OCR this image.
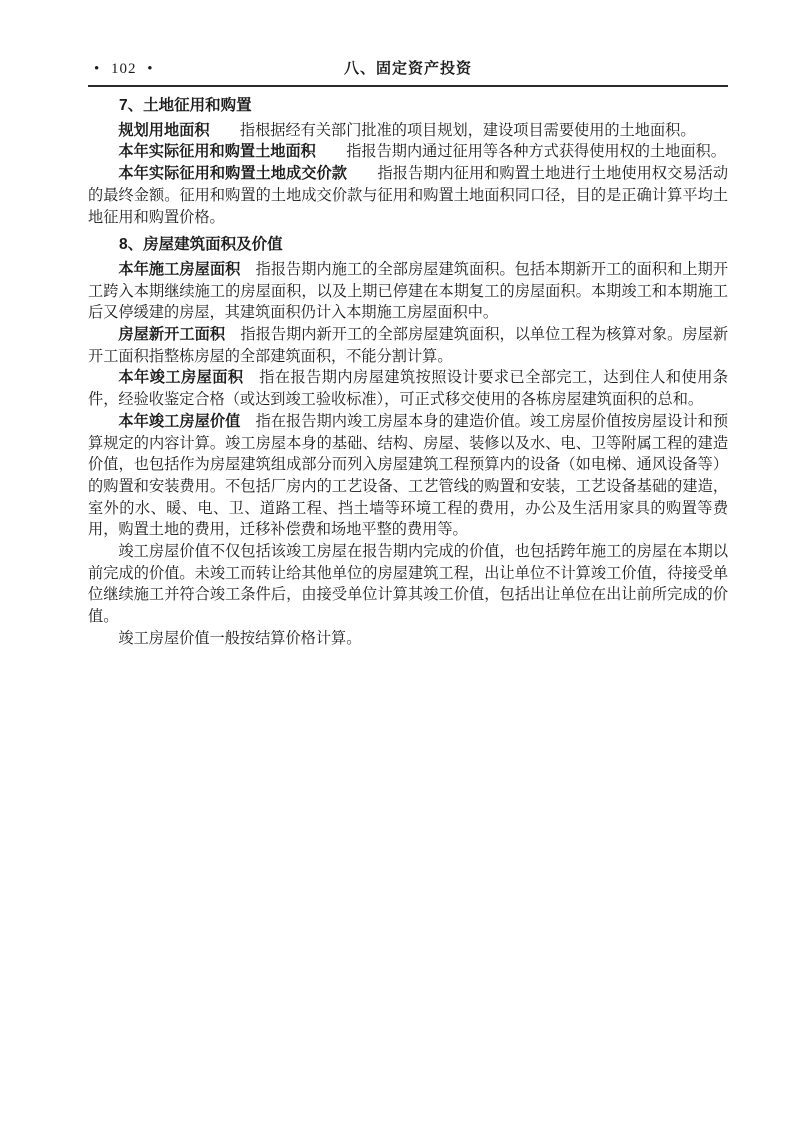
• 102 •	八、固定资产投资
7、土地征用和购置

规划用地面积　　 指根据经有关部门批准的项目规划，建设项目需要使用的土地面积。

本年实际征用和购置土地面积　　 指报告期内通过征用等各种方式获得使用权的土地面积。

本年实际征用和购置土地成交价款　　 指报告期内征用和购置土地进行土地使用权交易活动的最终金额。征用和购置的土地成交价款与征用和购置土地面积同口径，目的是正确计算平均土地征用和购置价格。

8、房屋建筑面积及价值

本年施工房屋面积　 指报告期内施工的全部房屋建筑面积。包括本期新开工的面积和上期开工跨入本期继续施工的房屋面积，以及上期已停建在本期复工的房屋面积。本期竣工和本期施工后又停缓建的房屋，其建筑面积仍计入本期施工房屋面积中。

房屋新开工面积　 指报告期内新开工的全部房屋建筑面积，以单位工程为核算对象。房屋新开工面积指整栋房屋的全部建筑面积，不能分割计算。

本年竣工房屋面积　 指在报告期内房屋建筑按照设计要求已全部完工，达到住人和使用条件，经验收鉴定合格（或达到竣工验收标准），可正式移交使用的各栋房屋建筑面积的总和。

本年竣工房屋价值　 指在报告期内竣工房屋本身的建造价值。竣工房屋价值按房屋设计和预算规定的内容计算。竣工房屋本身的基础、结构、房屋、装修以及水、电、卫等附属工程的建造价值，也包括作为房屋建筑组成部分而列入房屋建筑工程预算内的设备（如电梯、通风设备等）的购置和安装费用。不包括厂房内的工艺设备、工艺管线的购置和安装，工艺设备基础的建造，室外的水、暖、电、卫、道路工程、挡土墙等环境工程的费用，办公及生活用家具的购置等费用，购置土地的费用，迁移补偿费和场地平整的费用等。

竣工房屋价值不仅包括该竣工房屋在报告期内完成的价值，也包括跨年施工的房屋在本期以前完成的价值。未竣工而转让给其他单位的房屋建筑工程，出让单位不计算竣工价值，待接受单位继续施工并符合竣工条件后，由接受单位计算其竣工价值，包括出让单位在出让前所完成的价值。

竣工房屋价值一般按结算价格计算。
